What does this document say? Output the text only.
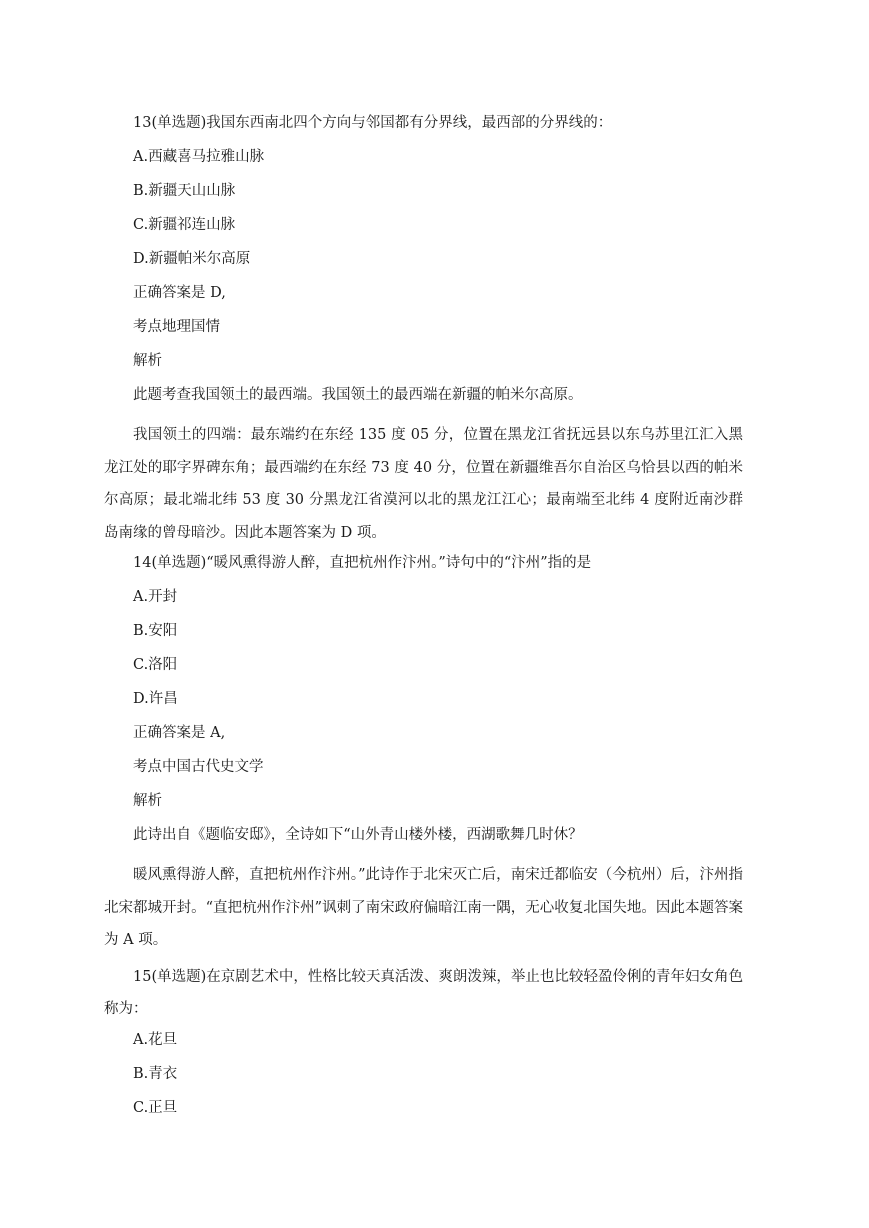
13(单选题)我国东西南北四个方向与邻国都有分界线，最西部的分界线的：
A.西藏喜马拉雅山脉
B.新疆天山山脉
C.新疆祁连山脉
D.新疆帕米尔高原
正确答案是 D,
考点地理国情
解析
此题考查我国领土的最西端。我国领土的最西端在新疆的帕米尔高原。
我国领土的四端：最东端约在东经 135 度 05 分，位置在黑龙江省抚远县以东乌苏里江汇入黑龙江处的耶字界碑东角；最西端约在东经 73 度 40 分，位置在新疆维吾尔自治区乌恰县以西的帕米尔高原；最北端北纬 53 度 30 分黑龙江省漠河以北的黑龙江江心；最南端至北纬 4 度附近南沙群岛南缘的曾母暗沙。因此本题答案为 D 项。
14(单选题)“暖风熏得游人醉，直把杭州作汴州。”诗句中的“汴州”指的是
A.开封
B.安阳
C.洛阳
D.许昌
正确答案是 A,
考点中国古代史文学
解析
此诗出自《题临安邸》，全诗如下“山外青山楼外楼，西湖歌舞几时休？
暖风熏得游人醉，直把杭州作汴州。”此诗作于北宋灭亡后，南宋迁都临安（今杭州）后，汴州指北宋都城开封。“直把杭州作汴州”讽刺了南宋政府偏暗江南一隅，无心收复北国失地。因此本题答案为 A 项。
15(单选题)在京剧艺术中，性格比较天真活泼、爽朗泼辣，举止也比较轻盈伶俐的青年妇女角色称为：
A.花旦
B.青衣
C.正旦
